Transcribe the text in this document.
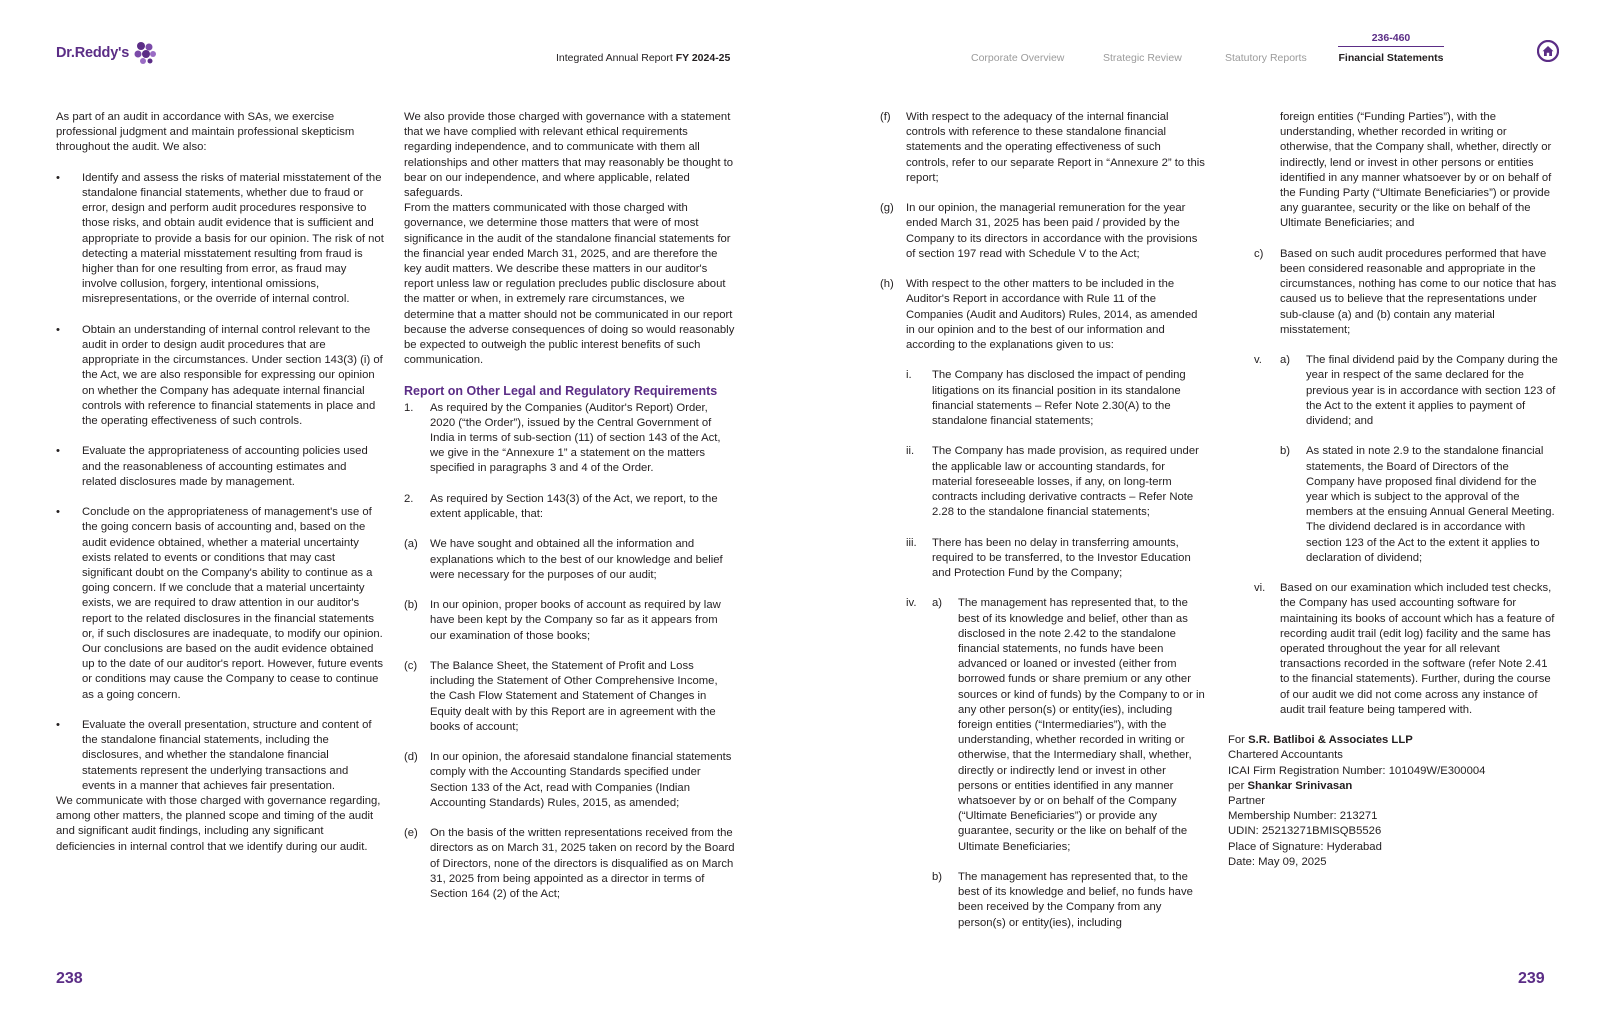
Dr.Reddy's	Integrated Annual Report FY 2024-25	Corporate Overview	Strategic Review	Statutory Reports
236-460
Financial Statements

As part of an audit in accordance with SAs, we exercise professional judgment and maintain professional skepticism throughout the audit. We also:

• Identify and assess the risks of material misstatement of the standalone financial statements, whether due to fraud or error, design and perform audit procedures responsive to those risks, and obtain audit evidence that is sufficient and appropriate to provide a basis for our opinion. The risk of not detecting a material misstatement resulting from fraud is higher than for one resulting from error, as fraud may involve collusion, forgery, intentional omissions, misrepresentations, or the override of internal control.

• Obtain an understanding of internal control relevant to the audit in order to design audit procedures that are appropriate in the circumstances. Under section 143(3) (i) of the Act, we are also responsible for expressing our opinion on whether the Company has adequate internal financial controls with reference to financial statements in place and the operating effectiveness of such controls.

• Evaluate the appropriateness of accounting policies used and the reasonableness of accounting estimates and related disclosures made by management.

• Conclude on the appropriateness of management's use of the going concern basis of accounting and, based on the audit evidence obtained, whether a material uncertainty exists related to events or conditions that may cast significant doubt on the Company's ability to continue as a going concern. If we conclude that a material uncertainty exists, we are required to draw attention in our auditor's report to the related disclosures in the financial statements or, if such disclosures are inadequate, to modify our opinion. Our conclusions are based on the audit evidence obtained up to the date of our auditor's report. However, future events or conditions may cause the Company to cease to continue as a going concern.

• Evaluate the overall presentation, structure and content of the standalone financial statements, including the disclosures, and whether the standalone financial statements represent the underlying transactions and events in a manner that achieves fair presentation.

We communicate with those charged with governance regarding, among other matters, the planned scope and timing of the audit and significant audit findings, including any significant deficiencies in internal control that we identify during our audit.

We also provide those charged with governance with a statement that we have complied with relevant ethical requirements regarding independence, and to communicate with them all relationships and other matters that may reasonably be thought to bear on our independence, and where applicable, related safeguards.

From the matters communicated with those charged with governance, we determine those matters that were of most significance in the audit of the standalone financial statements for the financial year ended March 31, 2025, and are therefore the key audit matters. We describe these matters in our auditor's report unless law or regulation precludes public disclosure about the matter or when, in extremely rare circumstances, we determine that a matter should not be communicated in our report because the adverse consequences of doing so would reasonably be expected to outweigh the public interest benefits of such communication.

Report on Other Legal and Regulatory Requirements
1. As required by the Companies (Auditor's Report) Order, 2020 (“the Order”), issued by the Central Government of India in terms of sub-section (11) of section 143 of the Act, we give in the “Annexure 1” a statement on the matters specified in paragraphs 3 and 4 of the Order.

2. As required by Section 143(3) of the Act, we report, to the extent applicable, that:

(a) We have sought and obtained all the information and explanations which to the best of our knowledge and belief were necessary for the purposes of our audit;

(b) In our opinion, proper books of account as required by law have been kept by the Company so far as it appears from our examination of those books;

(c) The Balance Sheet, the Statement of Profit and Loss including the Statement of Other Comprehensive Income, the Cash Flow Statement and Statement of Changes in Equity dealt with by this Report are in agreement with the books of account;

(d) In our opinion, the aforesaid standalone financial statements comply with the Accounting Standards specified under Section 133 of the Act, read with Companies (Indian Accounting Standards) Rules, 2015, as amended;

(e) On the basis of the written representations received from the directors as on March 31, 2025 taken on record by the Board of Directors, none of the directors is disqualified as on March 31, 2025 from being appointed as a director in terms of Section 164 (2) of the Act;

(f) With respect to the adequacy of the internal financial controls with reference to these standalone financial statements and the operating effectiveness of such controls, refer to our separate Report in “Annexure 2” to this report;

(g) In our opinion, the managerial remuneration for the year ended March 31, 2025 has been paid / provided by the Company to its directors in accordance with the provisions of section 197 read with Schedule V to the Act;

(h) With respect to the other matters to be included in the Auditor's Report in accordance with Rule 11 of the Companies (Audit and Auditors) Rules, 2014, as amended in our opinion and to the best of our information and according to the explanations given to us:

i. The Company has disclosed the impact of pending litigations on its financial position in its standalone financial statements – Refer Note 2.30(A) to the standalone financial statements;

ii. The Company has made provision, as required under the applicable law or accounting standards, for material foreseeable losses, if any, on long-term contracts including derivative contracts – Refer Note 2.28 to the standalone financial statements;

iii. There has been no delay in transferring amounts, required to be transferred, to the Investor Education and Protection Fund by the Company;

iv. a) The management has represented that, to the best of its knowledge and belief, other than as disclosed in the note 2.42 to the standalone financial statements, no funds have been advanced or loaned or invested (either from borrowed funds or share premium or any other sources or kind of funds) by the Company to or in any other person(s) or entity(ies), including foreign entities (“Intermediaries”), with the understanding, whether recorded in writing or otherwise, that the Intermediary shall, whether, directly or indirectly lend or invest in other persons or entities identified in any manner whatsoever by or on behalf of the Company (“Ultimate Beneficiaries”) or provide any guarantee, security or the like on behalf of the Ultimate Beneficiaries;

b) The management has represented that, to the best of its knowledge and belief, no funds have been received by the Company from any person(s) or entity(ies), including

foreign entities (“Funding Parties”), with the understanding, whether recorded in writing or otherwise, that the Company shall, whether, directly or indirectly, lend or invest in other persons or entities identified in any manner whatsoever by or on behalf of the Funding Party (“Ultimate Beneficiaries”) or provide any guarantee, security or the like on behalf of the Ultimate Beneficiaries; and

c) Based on such audit procedures performed that have been considered reasonable and appropriate in the circumstances, nothing has come to our notice that has caused us to believe that the representations under sub-clause (a) and (b) contain any material misstatement;

v. a) The final dividend paid by the Company during the year in respect of the same declared for the previous year is in accordance with section 123 of the Act to the extent it applies to payment of dividend; and

b) As stated in note 2.9 to the standalone financial statements, the Board of Directors of the Company have proposed final dividend for the year which is subject to the approval of the members at the ensuing Annual General Meeting. The dividend declared is in accordance with section 123 of the Act to the extent it applies to declaration of dividend;

vi. Based on our examination which included test checks, the Company has used accounting software for maintaining its books of account which has a feature of recording audit trail (edit log) facility and the same has operated throughout the year for all relevant transactions recorded in the software (refer Note 2.41 to the financial statements). Further, during the course of our audit we did not come across any instance of audit trail feature being tampered with.

For S.R. Batliboi & Associates LLP

Chartered Accountants

ICAI Firm Registration Number: 101049W/E300004

per Shankar Srinivasan

Partner

Membership Number: 213271

UDIN: 25213271BMISQB5526

Place of Signature: Hyderabad

Date: May 09, 2025

238	239
